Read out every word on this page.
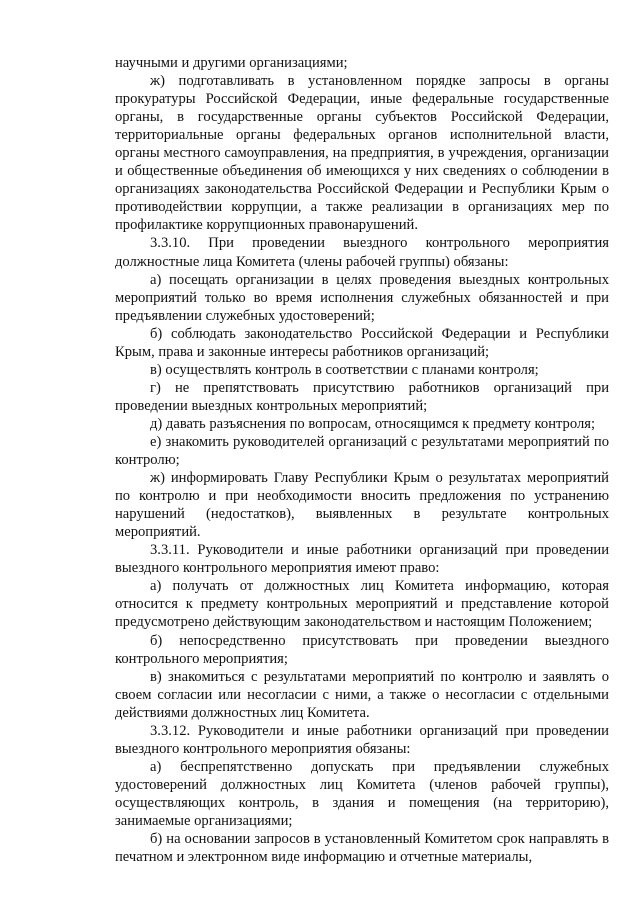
научными и другими организациями;

ж) подготавливать в установленном порядке запросы в органы прокуратуры Российской Федерации, иные федеральные государственные органы, в государственные органы субъектов Российской Федерации, территориальные органы федеральных органов исполнительной власти, органы местного самоуправления, на предприятия, в учреждения, организации и общественные объединения об имеющихся у них сведениях о соблюдении в организациях законодательства Российской Федерации и Республики Крым о противодействии коррупции, а также реализации в организациях мер по профилактике коррупционных правонарушений.

3.3.10. При проведении выездного контрольного мероприятия должностные лица Комитета (члены рабочей группы) обязаны:

а) посещать организации в целях проведения выездных контрольных мероприятий только во время исполнения служебных обязанностей и при предъявлении служебных удостоверений;

б) соблюдать законодательство Российской Федерации и Республики Крым, права и законные интересы работников организаций;

в) осуществлять контроль в соответствии с планами контроля;

г) не препятствовать присутствию работников организаций при проведении выездных контрольных мероприятий;

д) давать разъяснения по вопросам, относящимся к предмету контроля;

е) знакомить руководителей организаций с результатами мероприятий по контролю;

ж) информировать Главу Республики Крым о результатах мероприятий по контролю и при необходимости вносить предложения по устранению нарушений (недостатков), выявленных в результате контрольных мероприятий.

3.3.11. Руководители и иные работники организаций при проведении выездного контрольного мероприятия имеют право:

а) получать от должностных лиц Комитета информацию, которая относится к предмету контрольных мероприятий и представление которой предусмотрено действующим законодательством и настоящим Положением;

б) непосредственно присутствовать при проведении выездного контрольного мероприятия;

в) знакомиться с результатами мероприятий по контролю и заявлять о своем согласии или несогласии с ними, а также о несогласии с отдельными действиями должностных лиц Комитета.

3.3.12. Руководители и иные работники организаций при проведении выездного контрольного мероприятия обязаны:

а) беспрепятственно допускать при предъявлении служебных удостоверений должностных лиц Комитета (членов рабочей группы), осуществляющих контроль, в здания и помещения (на территорию), занимаемые организациями;

б) на основании запросов в установленный Комитетом срок направлять в печатном и электронном виде информацию и отчетные материалы,
